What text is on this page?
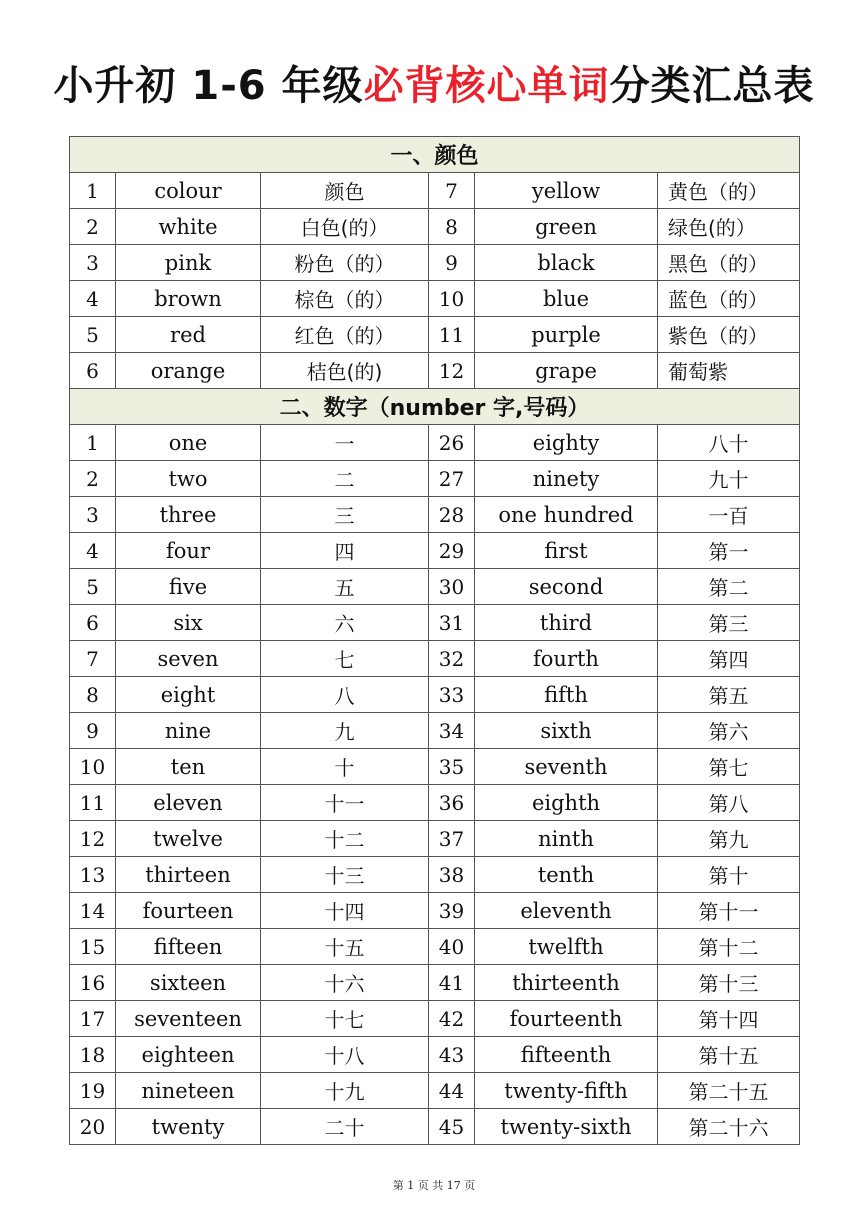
小升初 1-6 年级必背核心单词分类汇总表
一、颜色					
1	colour	颜色	7	yellow	黄色（的）
2	white	白色(的）	8	green	绿色(的）
3	pink	粉色（的）	9	black	黑色（的）
4	brown	棕色（的）	10	blue	蓝色（的）
5	red	红色（的）	11	purple	紫色（的）
6	orange	桔色(的)	12	grape	葡萄紫
二、数字（number 字,号码）					
1	one	一	26	eighty	八十
2	two	二	27	ninety	九十
3	three	三	28	one hundred	一百
4	four	四	29	first	第一
5	five	五	30	second	第二
6	six	六	31	third	第三
7	seven	七	32	fourth	第四
8	eight	八	33	fifth	第五
9	nine	九	34	sixth	第六
10	ten	十	35	seventh	第七
11	eleven	十一	36	eighth	第八
12	twelve	十二	37	ninth	第九
13	thirteen	十三	38	tenth	第十
14	fourteen	十四	39	eleventh	第十一
15	fifteen	十五	40	twelfth	第十二
16	sixteen	十六	41	thirteenth	第十三
17	seventeen	十七	42	fourteenth	第十四
18	eighteen	十八	43	fifteenth	第十五
19	nineteen	十九	44	twenty-fifth	第二十五
20	twenty	二十	45	twenty-sixth	第二十六
第 1 页 共 17 页
